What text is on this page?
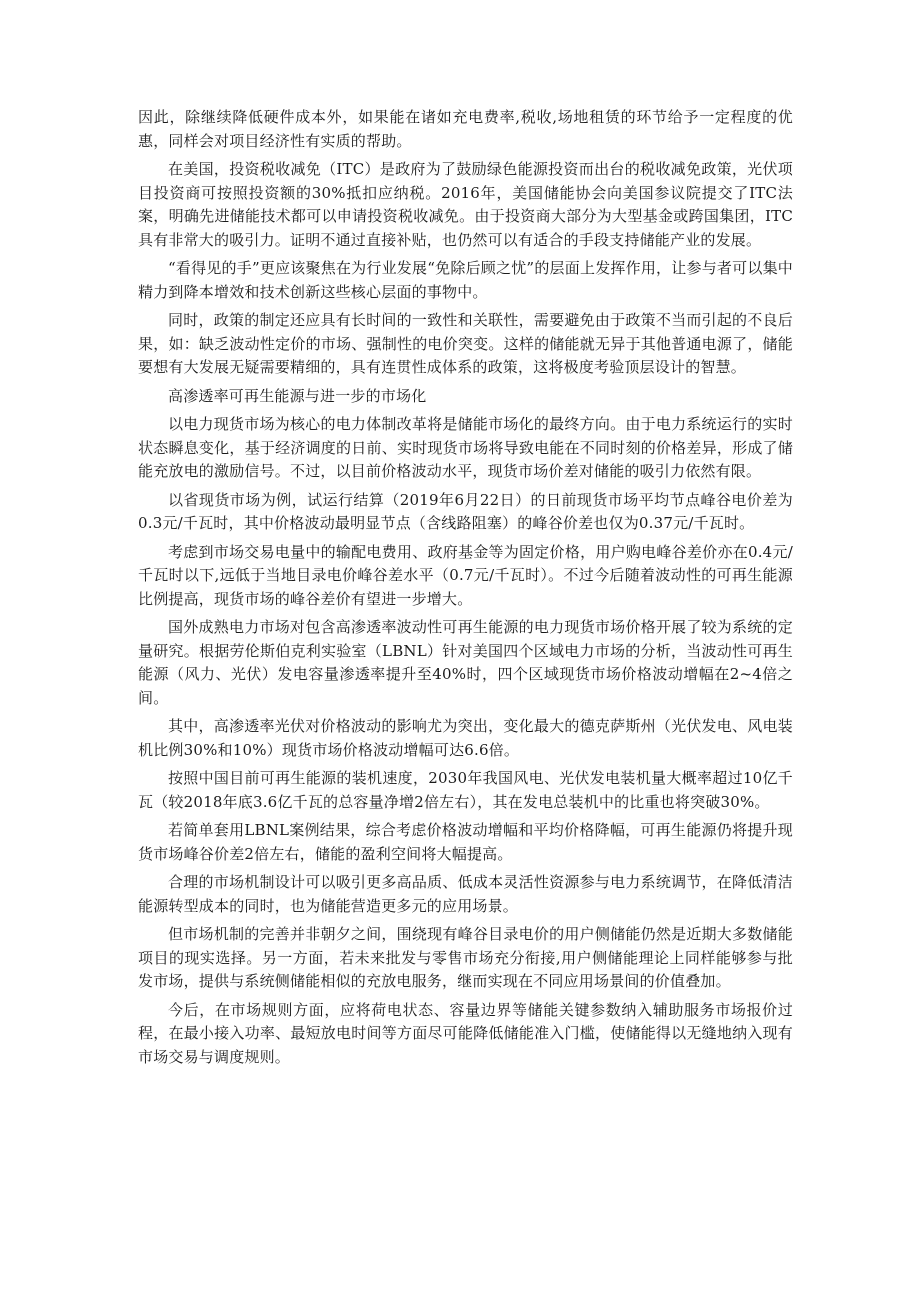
因此，除继续降低硬件成本外，如果能在诸如充电费率,税收,场地租赁的环节给予一定程度的优惠，同样会对项目经济性有实质的帮助。

在美国，投资税收减免（ITC）是政府为了鼓励绿色能源投资而出台的税收减免政策，光伏项目投资商可按照投资额的30%抵扣应纳税。2016年，美国储能协会向美国参议院提交了ITC法案，明确先进储能技术都可以申请投资税收减免。由于投资商大部分为大型基金或跨国集团，ITC具有非常大的吸引力。证明不通过直接补贴，也仍然可以有适合的手段支持储能产业的发展。

“看得见的手”更应该聚焦在为行业发展“免除后顾之忧”的层面上发挥作用，让参与者可以集中精力到降本增效和技术创新这些核心层面的事物中。

同时，政策的制定还应具有长时间的一致性和关联性，需要避免由于政策不当而引起的不良后果，如：缺乏波动性定价的市场、强制性的电价突变。这样的储能就无异于其他普通电源了，储能要想有大发展无疑需要精细的，具有连贯性成体系的政策，这将极度考验顶层设计的智慧。

高渗透率可再生能源与进一步的市场化

以电力现货市场为核心的电力体制改革将是储能市场化的最终方向。由于电力系统运行的实时状态瞬息变化，基于经济调度的日前、实时现货市场将导致电能在不同时刻的价格差异，形成了储能充放电的激励信号。不过，以目前价格波动水平，现货市场价差对储能的吸引力依然有限。

以省现货市场为例，试运行结算（2019年6月22日）的日前现货市场平均节点峰谷电价差为0.3元/千瓦时，其中价格波动最明显节点（含线路阻塞）的峰谷价差也仅为0.37元/千瓦时。

考虑到市场交易电量中的输配电费用、政府基金等为固定价格，用户购电峰谷差价亦在0.4元/千瓦时以下,远低于当地目录电价峰谷差水平（0.7元/千瓦时）。不过今后随着波动性的可再生能源比例提高，现货市场的峰谷差价有望进一步增大。

国外成熟电力市场对包含高渗透率波动性可再生能源的电力现货市场价格开展了较为系统的定量研究。根据劳伦斯伯克利实验室（LBNL）针对美国四个区域电力市场的分析，当波动性可再生能源（风力、光伏）发电容量渗透率提升至40%时，四个区域现货市场价格波动增幅在2~4倍之间。

其中，高渗透率光伏对价格波动的影响尤为突出，变化最大的德克萨斯州（光伏发电、风电装机比例30%和10%）现货市场价格波动增幅可达6.6倍。

按照中国目前可再生能源的装机速度，2030年我国风电、光伏发电装机量大概率超过10亿千瓦（较2018年底3.6亿千瓦的总容量净增2倍左右），其在发电总装机中的比重也将突破30%。

若简单套用LBNL案例结果，综合考虑价格波动增幅和平均价格降幅，可再生能源仍将提升现货市场峰谷价差2倍左右，储能的盈利空间将大幅提高。

合理的市场机制设计可以吸引更多高品质、低成本灵活性资源参与电力系统调节，在降低清洁能源转型成本的同时，也为储能营造更多元的应用场景。

但市场机制的完善并非朝夕之间，围绕现有峰谷目录电价的用户侧储能仍然是近期大多数储能项目的现实选择。另一方面，若未来批发与零售市场充分衔接,用户侧储能理论上同样能够参与批发市场，提供与系统侧储能相似的充放电服务，继而实现在不同应用场景间的价值叠加。

今后，在市场规则方面，应将荷电状态、容量边界等储能关键参数纳入辅助服务市场报价过程，在最小接入功率、最短放电时间等方面尽可能降低储能准入门槛，使储能得以无缝地纳入现有市场交易与调度规则。
